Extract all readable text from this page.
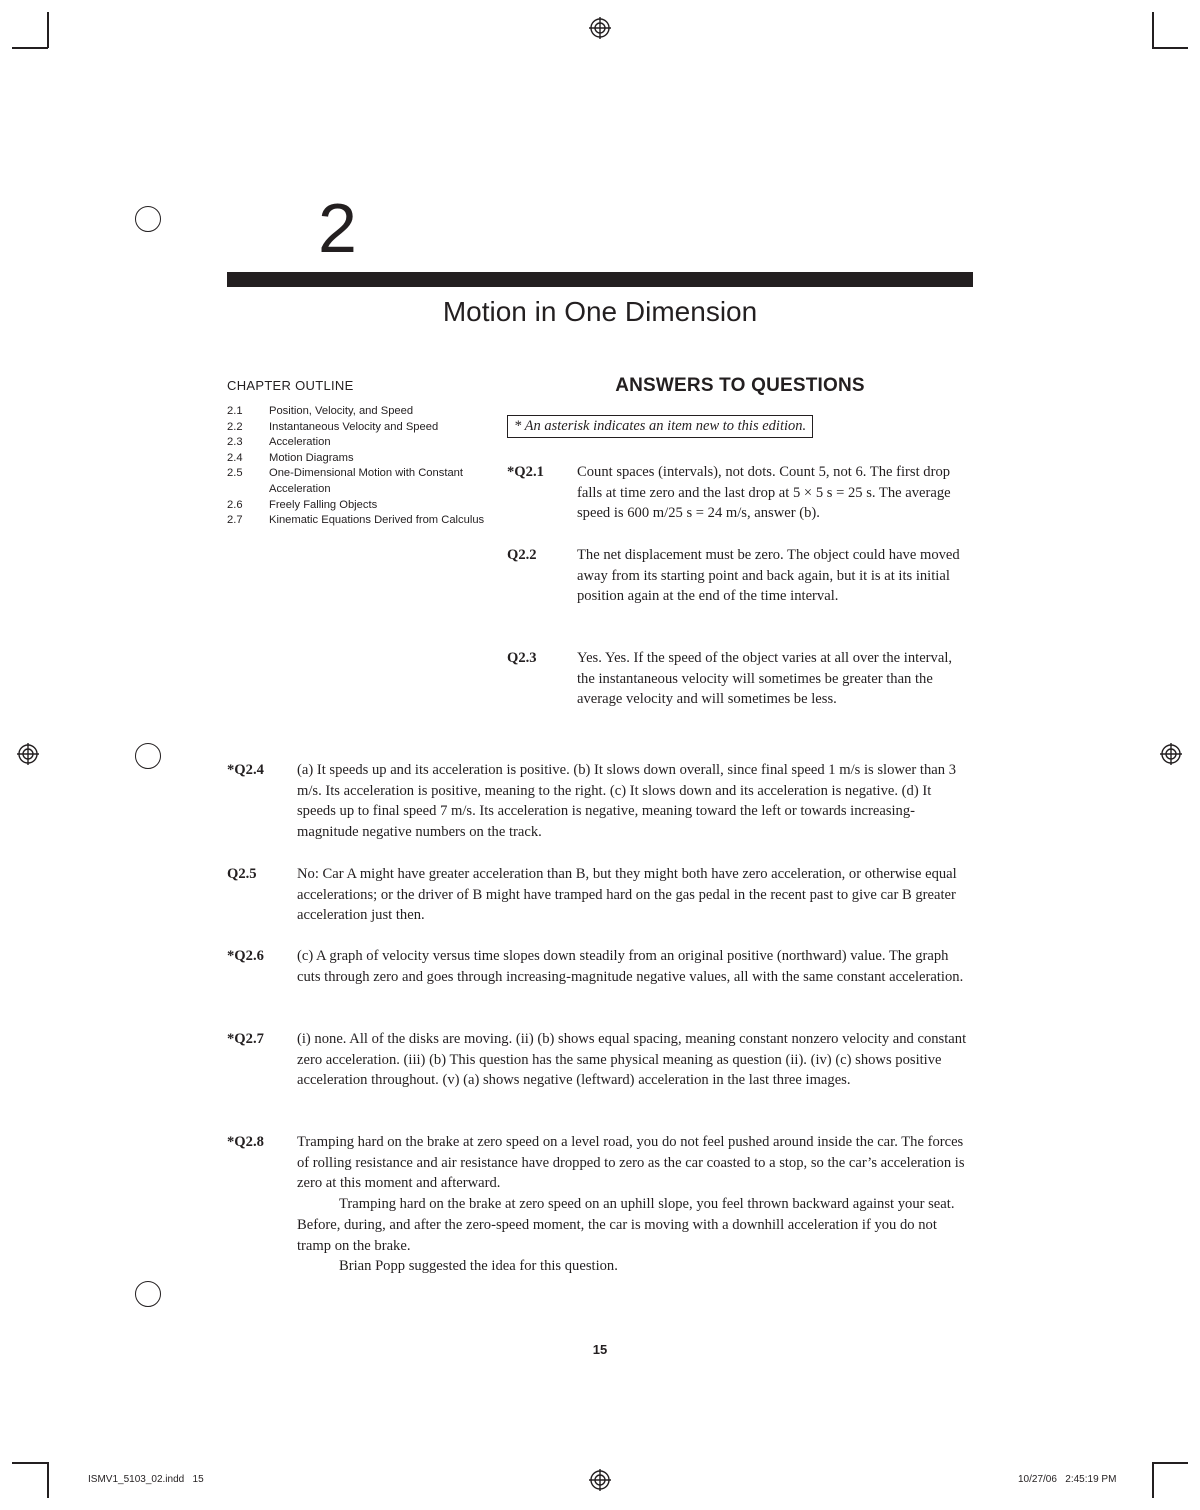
2
Motion in One Dimension
CHAPTER OUTLINE
2.1	Position, Velocity, and Speed
2.2	Instantaneous Velocity and Speed
2.3	Acceleration
2.4	Motion Diagrams
2.5	One-Dimensional Motion with Constant Acceleration
2.6	Freely Falling Objects
2.7	Kinematic Equations Derived from Calculus
ANSWERS TO QUESTIONS
* An asterisk indicates an item new to this edition.
*Q2.1	Count spaces (intervals), not dots. Count 5, not 6. The first drop falls at time zero and the last drop at 5 × 5 s = 25 s. The average speed is 600 m/25 s = 24 m/s, answer (b).
Q2.2	The net displacement must be zero. The object could have moved away from its starting point and back again, but it is at its initial position again at the end of the time interval.
Q2.3	Yes. Yes. If the speed of the object varies at all over the interval, the instantaneous velocity will sometimes be greater than the average velocity and will sometimes be less.
*Q2.4	(a) It speeds up and its acceleration is positive. (b) It slows down overall, since final speed 1 m/s is slower than 3 m/s. Its acceleration is positive, meaning to the right. (c) It slows down and its acceleration is negative. (d) It speeds up to final speed 7 m/s. Its acceleration is negative, meaning toward the left or towards increasing-magnitude negative numbers on the track.
Q2.5	No: Car A might have greater acceleration than B, but they might both have zero acceleration, or otherwise equal accelerations; or the driver of B might have tramped hard on the gas pedal in the recent past to give car B greater acceleration just then.
*Q2.6	(c) A graph of velocity versus time slopes down steadily from an original positive (northward) value. The graph cuts through zero and goes through increasing-magnitude negative values, all with the same constant acceleration.
*Q2.7	(i) none. All of the disks are moving. (ii) (b) shows equal spacing, meaning constant nonzero velocity and constant zero acceleration. (iii) (b) This question has the same physical meaning as question (ii). (iv) (c) shows positive acceleration throughout. (v) (a) shows negative (leftward) acceleration in the last three images.
*Q2.8	Tramping hard on the brake at zero speed on a level road, you do not feel pushed around inside the car. The forces of rolling resistance and air resistance have dropped to zero as the car coasted to a stop, so the car’s acceleration is zero at this moment and afterward.
Tramping hard on the brake at zero speed on an uphill slope, you feel thrown backward against your seat. Before, during, and after the zero-speed moment, the car is moving with a downhill acceleration if you do not tramp on the brake.
Brian Popp suggested the idea for this question.
15
ISMV1_5103_02.indd   15	10/27/06   2:45:19 PM
